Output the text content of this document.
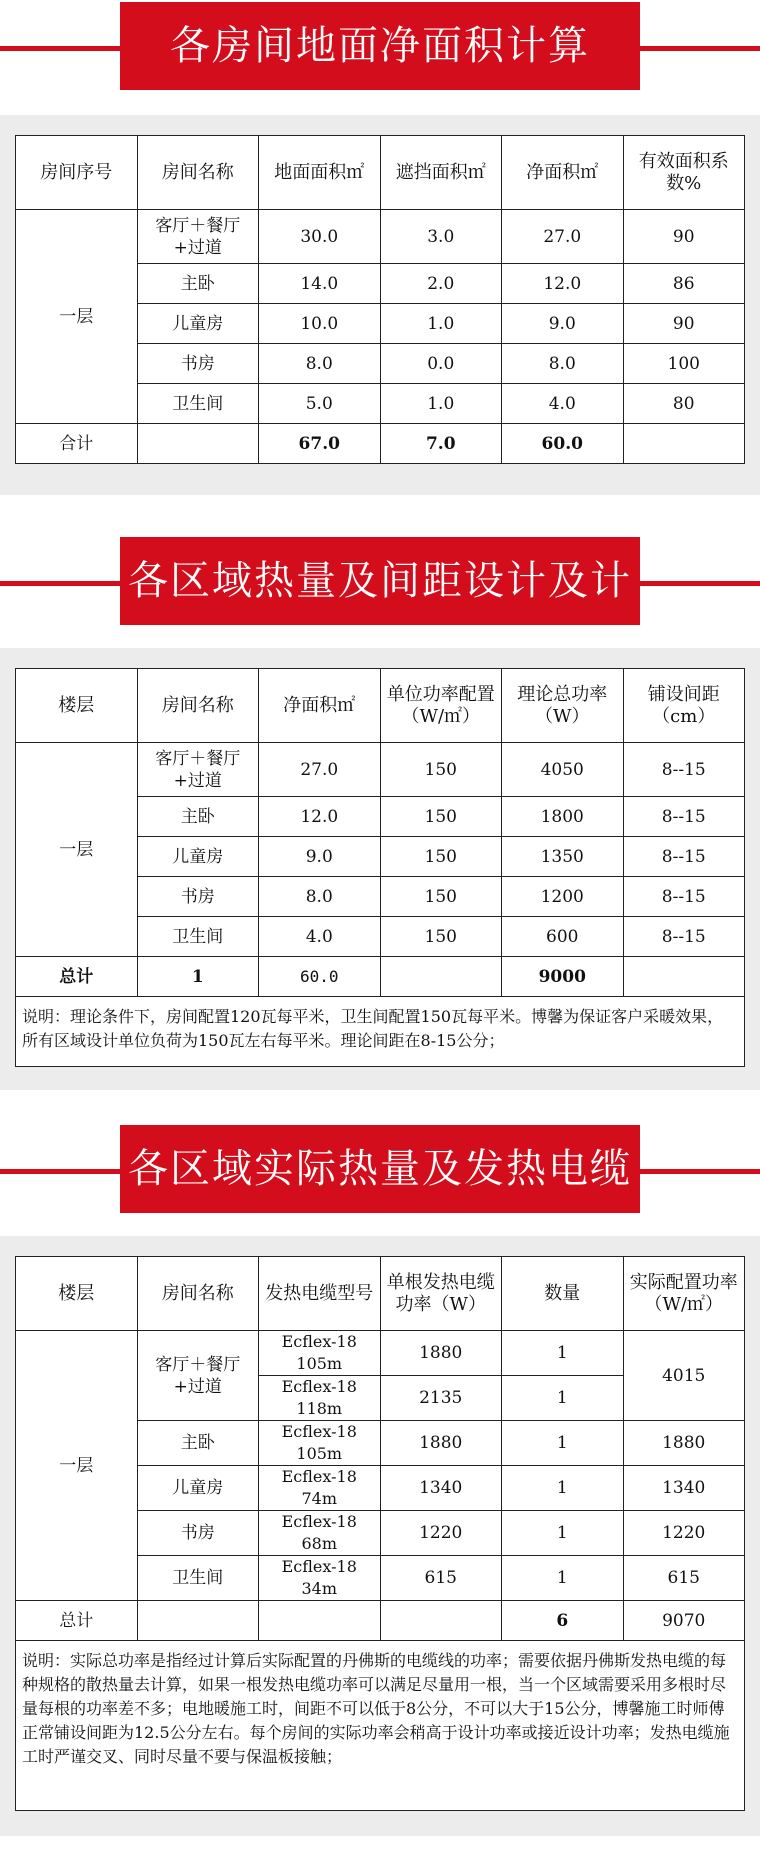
各房间地面净面积计算
房间序号	房间名称	地面面积㎡	遮挡面积㎡	净面积㎡	有效面积系数%
一层	客厅＋餐厅+过道	30.0	3.0	27.0	90
	主卧	14.0	2.0	12.0	86
	儿童房	10.0	1.0	9.0	90
	书房	8.0	0.0	8.0	100
	卫生间	5.0	1.0	4.0	80
合计		67.0	7.0	60.0	
各区域热量及间距设计及计
楼层	房间名称	净面积㎡	单位功率配置（W/㎡）	理论总功率（W）	铺设间距（cm）
一层	客厅＋餐厅+过道	27.0	150	4050	8--15
	主卧	12.0	150	1800	8--15
	儿童房	9.0	150	1350	8--15
	书房	8.0	150	1200	8--15
	卫生间	4.0	150	600	8--15
总计	1	60.0		9000	
说明：理论条件下，房间配置120瓦每平米，卫生间配置150瓦每平米。博馨为保证客户采暖效果，所有区域设计单位负荷为150瓦左右每平米。理论间距在8-15公分；					
各区域实际热量及发热电缆
楼层	房间名称	发热电缆型号	单根发热电缆功率（W）	数量	实际配置功率（W/㎡）
一层	客厅＋餐厅+过道	Ecflex-18 105m	1880	1	4015
		Ecflex-18 118m	2135	1	
	主卧	Ecflex-18 105m	1880	1	1880
	儿童房	Ecflex-18 74m	1340	1	1340
	书房	Ecflex-18 68m	1220	1	1220
	卫生间	Ecflex-18 34m	615	1	615
总计				6	9070
说明：实际总功率是指经过计算后实际配置的丹佛斯的电缆线的功率；需要依据丹佛斯发热电缆的每种规格的散热量去计算，如果一根发热电缆功率可以满足尽量用一根，当一个区域需要采用多根时尽量每根的功率差不多；电地暖施工时，间距不可以低于8公分，不可以大于15公分，博馨施工时师傅正常铺设间距为12.5公分左右。每个房间的实际功率会稍高于设计功率或接近设计功率；发热电缆施工时严谨交叉、同时尽量不要与保温板接触；					
